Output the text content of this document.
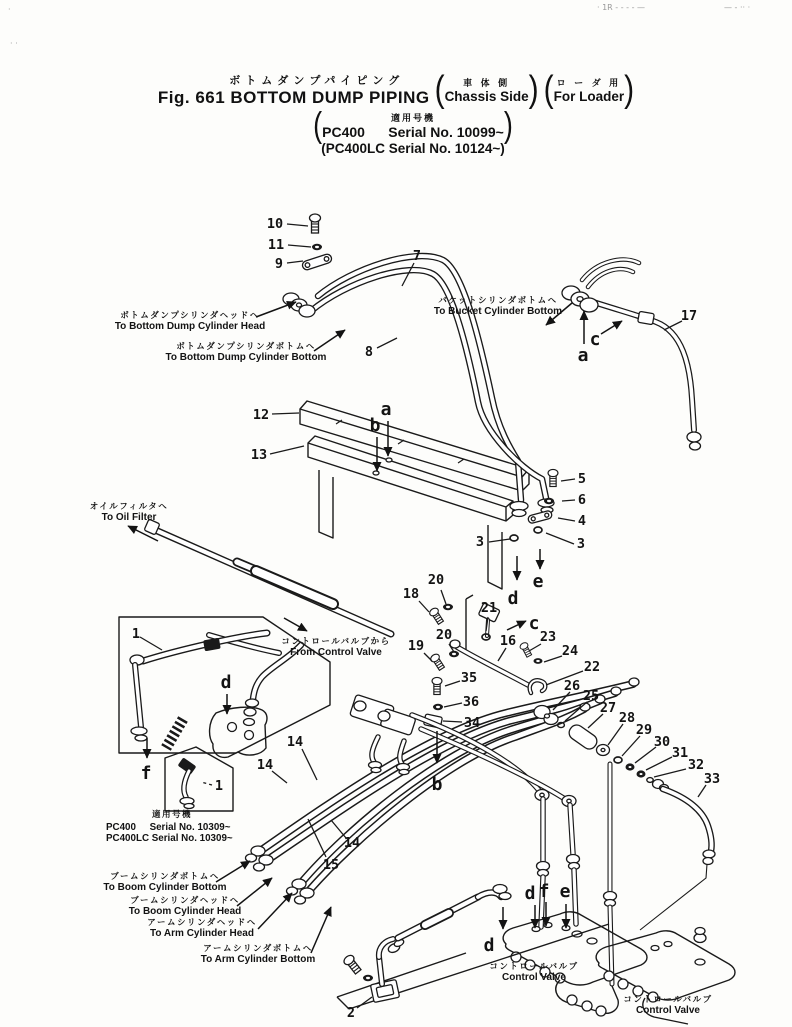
ボトムダンプパイピング
Fig. 661 BOTTOM DUMP PIPING ( 車 体 側
Chassis Side ) ( ロ ー ダ 用
For Loader )
(	適用号機
PC400      Serial No. 10099~ )
(PC400LC Serial No. 10124~)
10
11
9	7
8
17
12
13
5
6
4
3	3
18
20
21
19
20	16 23
24
22
26
25
27
28
29
30
31
32
33
35
36
34
14
14
14
15
1
1
2
a
a
b
b
c
c
d
d
d
d
e
e
f
f
ボトムダンプシリンダヘッドへ
To Bottom Dump Cylinder Head
ボトムダンプシリンダボトムへ
To Bottom Dump Cylinder Bottom
バケットシリンダボトムへ
To Bucket Cylinder Bottom
オイルフィルタへ
To Oil Filter
コントロールバルブから
From Control Valve
ブームシリンダボトムへ
To Boom Cylinder Bottom
ブームシリンダヘッドへ
To Boom Cylinder Head
アームシリンダヘッドへ
To Arm Cylinder Head
アームシリンダボトムへ
To Arm Cylinder Bottom
コントロールバルブ
Control Valve
コントロールバルブ
Control Valve
適用号機
PC400     Serial No. 10309~
PC400LC Serial No. 10309~
· 1R - - - - —	— - ·· ·
·
· ·
